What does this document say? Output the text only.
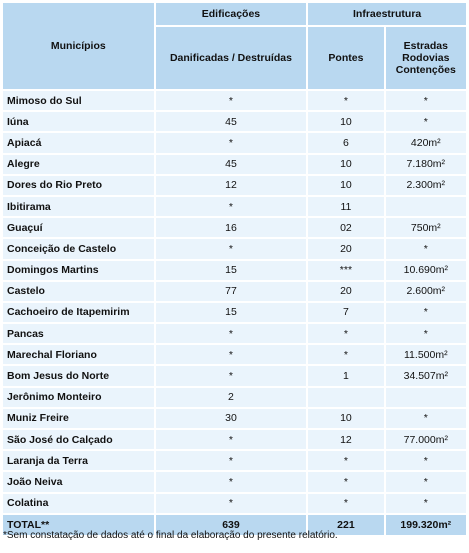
Municípios	Edificações	Infraestrutura	
	Danificadas / Destruídas	Pontes	Estradas Rodovias Contenções
Mimoso do Sul	*	*	*
Iúna	45	10	*
Apiacá	*	6	420m²
Alegre	45	10	7.180m²
Dores do Rio Preto	12	10	2.300m²
Ibitirama	*	11	
Guaçuí	16	02	750m²
Conceição de Castelo	*	20	*
Domingos Martins	15	***	10.690m²
Castelo	77	20	2.600m²
Cachoeiro de Itapemirim	15	7	*
Pancas	*	*	*
Marechal Floriano	*	*	11.500m²
Bom Jesus do Norte	*	1	34.507m²
Jerônimo Monteiro	2		
Muniz Freire	30	10	*
São José do Calçado	*	12	77.000m²
Laranja da Terra	*	*	*
João Neiva	*	*	*
Colatina	*	*	*
TOTAL**	639	221	199.320m²
*Sem constatação de dados até o final da elaboração do presente relatório.
